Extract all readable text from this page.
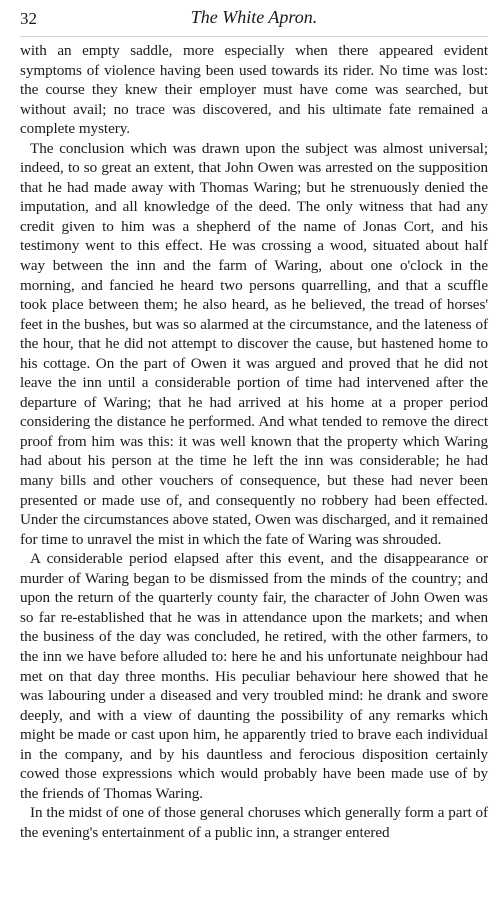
32	The White Apron.

with an empty saddle, more especially when there appeared evident symptoms of violence having been used towards its rider. No time was lost: the course they knew their employer must have come was searched, but without avail; no trace was discovered, and his ultimate fate remained a complete mystery.

The conclusion which was drawn upon the subject was almost universal; indeed, to so great an extent, that John Owen was arrested on the supposition that he had made away with Thomas Waring; but he strenuously denied the imputation, and all knowledge of the deed. The only witness that had any credit given to him was a shepherd of the name of Jonas Cort, and his testimony went to this effect. He was crossing a wood, situated about half way between the inn and the farm of Waring, about one o'clock in the morning, and fancied he heard two persons quarrelling, and that a scuffle took place between them; he also heard, as he believed, the tread of horses' feet in the bushes, but was so alarmed at the circumstance, and the lateness of the hour, that he did not attempt to discover the cause, but hastened home to his cottage. On the part of Owen it was argued and proved that he did not leave the inn until a considerable portion of time had intervened after the departure of Waring; that he had arrived at his home at a proper period considering the distance he performed. And what tended to remove the direct proof from him was this: it was well known that the property which Waring had about his person at the time he left the inn was considerable; he had many bills and other vouchers of consequence, but these had never been presented or made use of, and consequently no robbery had been effected. Under the circumstances above stated, Owen was discharged, and it remained for time to unravel the mist in which the fate of Waring was shrouded.

A considerable period elapsed after this event, and the disappearance or murder of Waring began to be dismissed from the minds of the country; and upon the return of the quarterly county fair, the character of John Owen was so far re-established that he was in attendance upon the markets; and when the business of the day was concluded, he retired, with the other farmers, to the inn we have before alluded to: here he and his unfortunate neighbour had met on that day three months. His peculiar behaviour here showed that he was labouring under a diseased and very troubled mind: he drank and swore deeply, and with a view of daunting the possibility of any remarks which might be made or cast upon him, he apparently tried to brave each individual in the company, and by his dauntless and ferocious disposition certainly cowed those expressions which would probably have been made use of by the friends of Thomas Waring.

In the midst of one of those general choruses which generally form a part of the evening's entertainment of a public inn, a stranger entered
